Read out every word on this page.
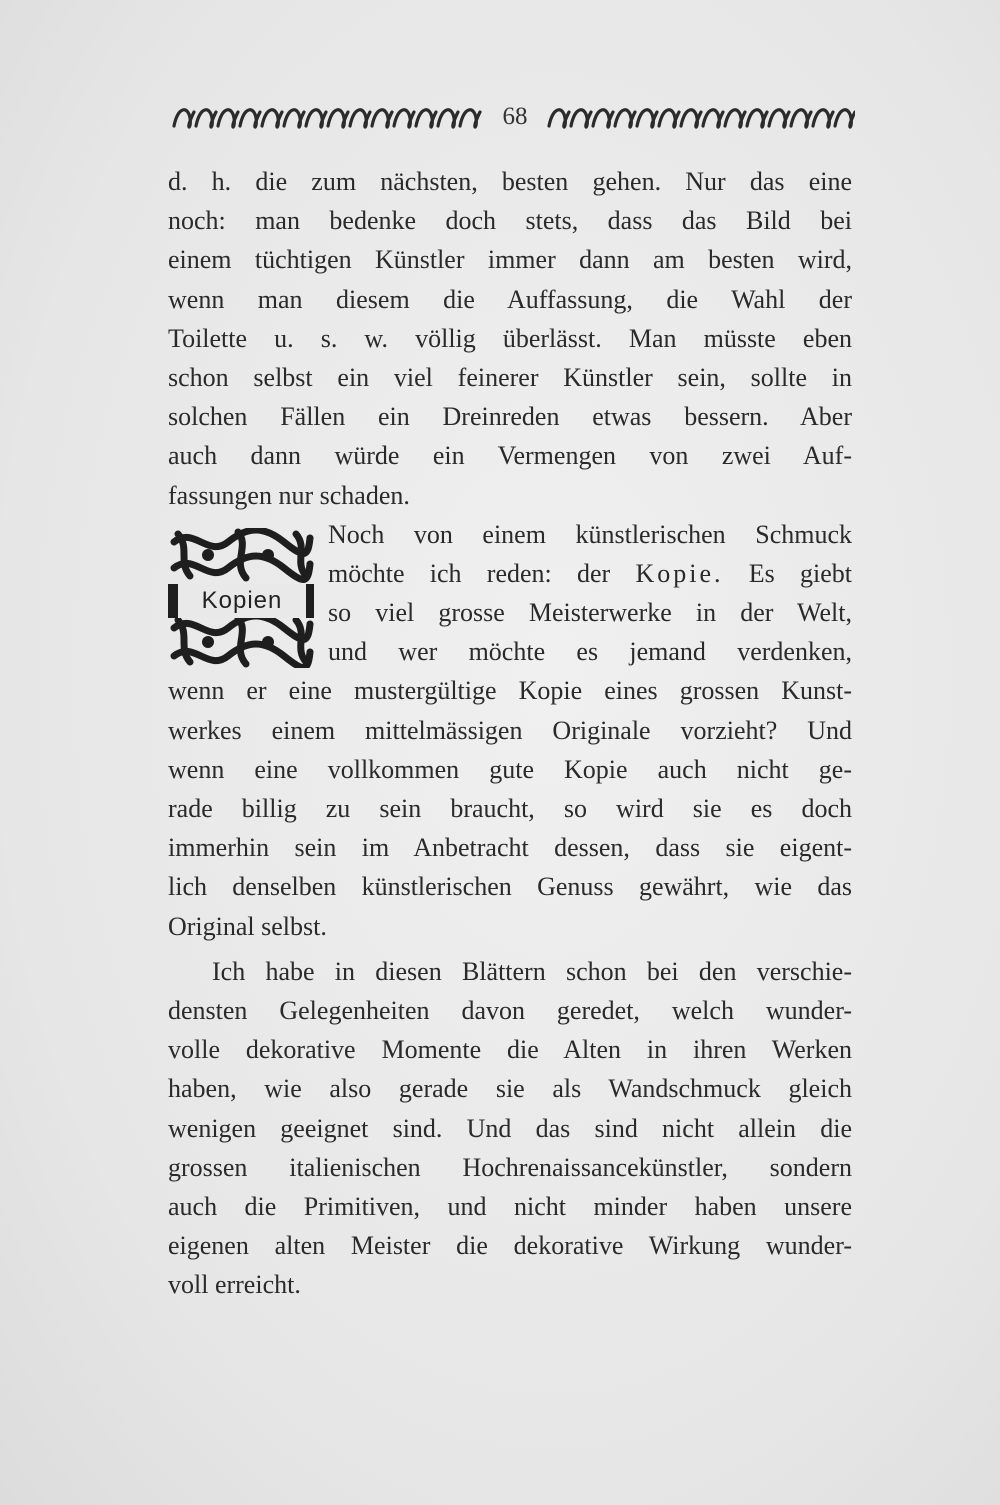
68

d. h. die zum nächsten, besten gehen. Nur das eine
noch: man bedenke doch stets, dass das Bild bei
einem tüchtigen Künstler immer dann am besten wird,
wenn man diesem die Auffassung, die Wahl der
Toilette u. s. w. völlig überlässt. Man müsste eben
schon selbst ein viel feinerer Künstler sein, sollte in
solchen Fällen ein Dreinreden etwas bessern. Aber
auch dann würde ein Vermengen von zwei Auf-
fassungen nur schaden.

Noch von einem künstlerischen Schmuck
möchte ich reden: der Kopie. Es giebt
so viel grosse Meisterwerke in der Welt,
und wer möchte es jemand verdenken,
wenn er eine mustergültige Kopie eines grossen Kunst-
werkes einem mittelmässigen Originale vorzieht? Und
wenn eine vollkommen gute Kopie auch nicht ge-
rade billig zu sein braucht, so wird sie es doch
immerhin sein im Anbetracht dessen, dass sie eigent-
lich denselben künstlerischen Genuss gewährt, wie das
Original selbst.

Ich habe in diesen Blättern schon bei den verschie-
densten Gelegenheiten davon geredet, welch wunder-
volle dekorative Momente die Alten in ihren Werken
haben, wie also gerade sie als Wandschmuck gleich
wenigen geeignet sind. Und das sind nicht allein die
grossen italienischen Hochrenaissancekünstler, sondern
auch die Primitiven, und nicht minder haben unsere
eigenen alten Meister die dekorative Wirkung wunder-
voll erreicht.

Kopien
